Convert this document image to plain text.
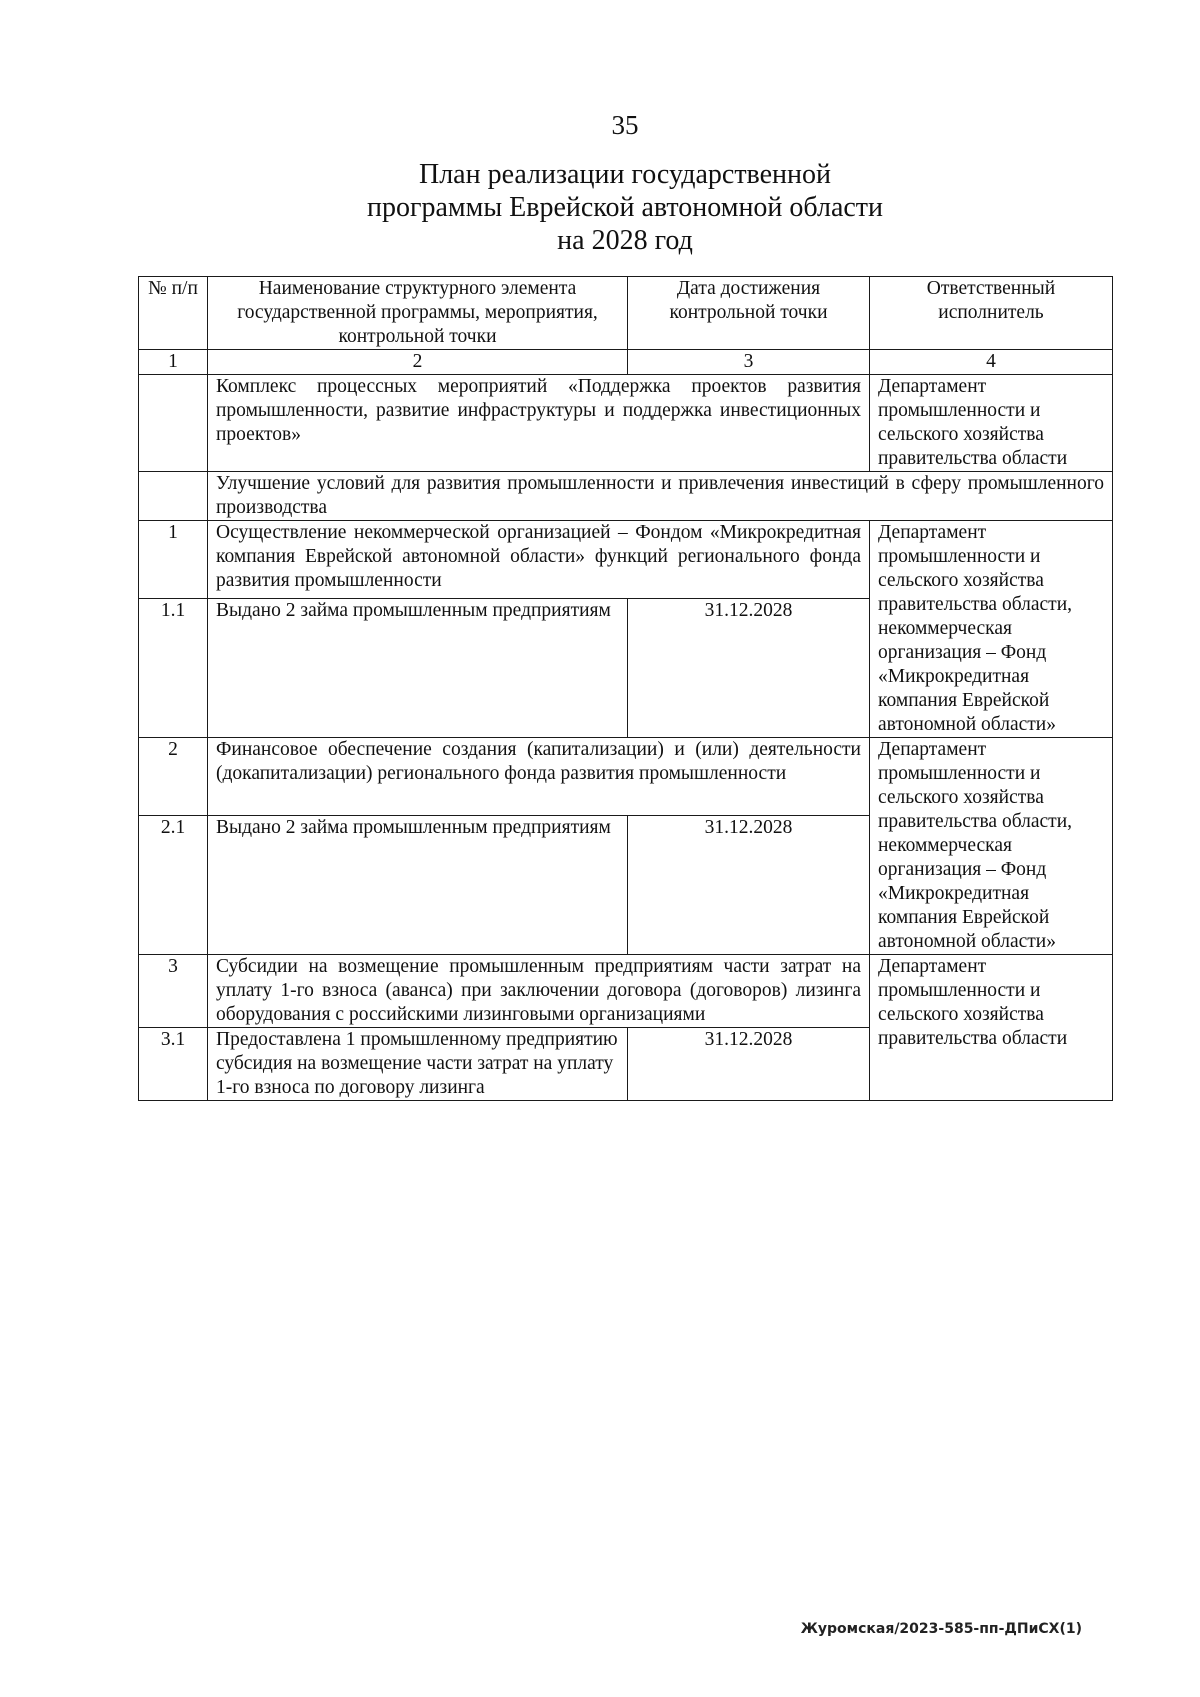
35
План реализации государственной
программы Еврейской автономной области
на 2028 год
№ п/п	Наименование структурного элемента государственной программы, мероприятия, контрольной точки	Дата достижения контрольной точки	Ответственный исполнитель
1	2	3	4
	Комплекс процессных мероприятий «Поддержка проектов развития промышленности, развитие инфраструктуры и поддержка инвестиционных проектов»		Департамент промышленности и сельского хозяйства правительства области
	Улучшение условий для развития промышленности и привлечения инвестиций в сферу промышленного производства		
1	Осуществление некоммерческой организацией – Фондом «Микрокредитная компания Еврейской автономной области» функций регионального фонда развития промышленности		Департамент промышленности и сельского хозяйства правительства области, некоммерческая организация – Фонд «Микрокредитная компания Еврейской автономной области»
1.1	Выдано 2 займа промышленным предприятиям	31.12.2028	
2	Финансовое обеспечение создания (капитализации) и (или) деятельности (докапитализации) регионального фонда развития промышленности		Департамент промышленности и сельского хозяйства правительства области, некоммерческая организация – Фонд «Микрокредитная компания Еврейской автономной области»
2.1	Выдано 2 займа промышленным предприятиям	31.12.2028	
3	Субсидии на возмещение промышленным предприятиям части затрат на уплату 1-го взноса (аванса) при заключении договора (договоров) лизинга оборудования с российскими лизинговыми организациями		Департамент промышленности и сельского хозяйства правительства области
3.1	Предоставлена 1 промышленному предприятию субсидия на возмещение части затрат на уплату 1-го взноса по договору лизинга	31.12.2028	
Журомская/2023-585-пп-ДПиСХ(1)
